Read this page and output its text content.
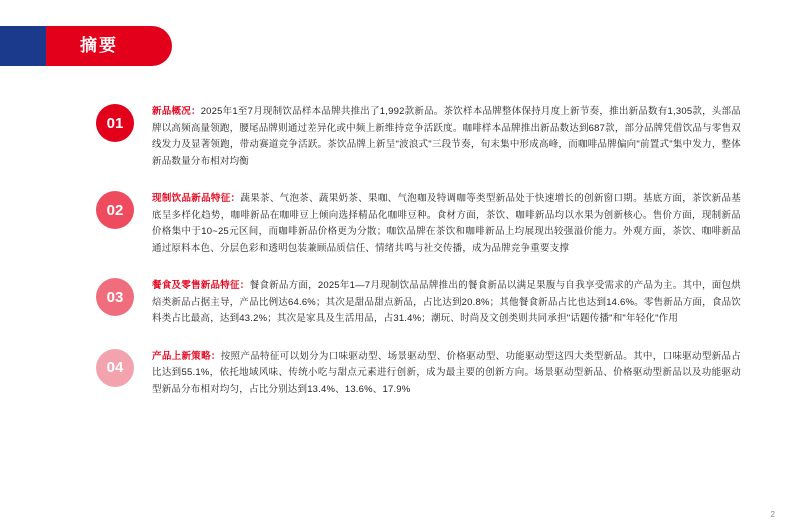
摘要
01
新品概况：2025年1至7月现制饮品样本品牌共推出了1,992款新品。茶饮样本品牌整体保持月度上新节奏，推出新品数有1,305款，头部品牌以高频高量领跑，腰尾品牌则通过差异化或中频上新维持竞争活跃度。咖啡样本品牌推出新品数达到687款，部分品牌凭借饮品与零售双线发力及显著领跑，带动赛道竞争活跃。茶饮品牌上新呈"波浪式"三段节奏，旬末集中形成高峰，而咖啡品牌偏向"前置式"集中发力，整体新品数量分布相对均衡
02
现制饮品新品特征：蔬果茶、气泡茶、蔬果奶茶、果咖、气泡咖及特调咖等类型新品处于快速增长的创新窗口期。基底方面，茶饮新品基底呈多样化趋势，咖啡新品在咖啡豆上倾向选择精品化咖啡豆种。食材方面，茶饮、咖啡新品均以水果为创新核心。售价方面，现制新品价格集中于10~25元区间，而咖啡新品价格更为分散；咖饮品牌在茶饮和咖啡新品上均展现出较强溢价能力。外观方面，茶饮、咖啡新品通过原料本色、分层色彩和透明包装兼顾品质信任、情绪共鸣与社交传播，成为品牌竞争重要支撑
03
餐食及零售新品特征：餐食新品方面，2025年1—7月现制饮品品牌推出的餐食新品以满足果腹与自我享受需求的产品为主。其中，面包烘焙类新品占据主导，产品比例达64.6%；其次是甜品甜点新品，占比达到20.8%；其他餐食新品占比也达到14.6%。零售新品方面，食品饮料类占比最高，达到43.2%；其次是家具及生活用品，占31.4%；潮玩、时尚及文创类则共同承担"话题传播"和"年轻化"作用
04
产品上新策略：按照产品特征可以划分为口味驱动型、场景驱动型、价格驱动型、功能驱动型这四大类型新品。其中，口味驱动型新品占比达到55.1%，依托地域风味、传统小吃与甜点元素进行创新，成为最主要的创新方向。场景驱动型新品、价格驱动型新品以及功能驱动型新品分布相对均匀，占比分别达到13.4%、13.6%、17.9%
2
